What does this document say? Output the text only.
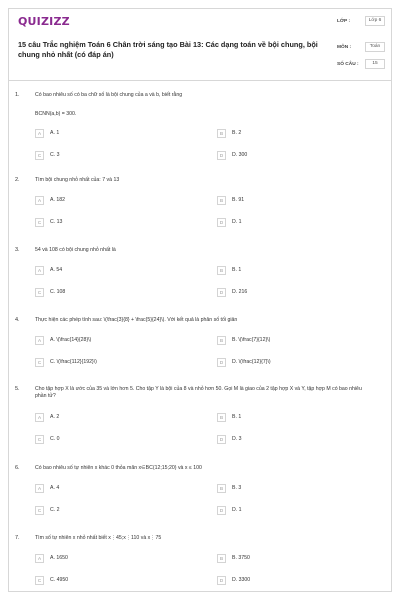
QUIZIZZ
15 câu Trắc nghiệm Toán 6 Chân trời sáng tạo Bài 13: Các dạng toán về bội chung, bội chung nhỏ nhất (có đáp án)
LỚP :	Lớp 6
MÔN :	Toán
SỐ CÂU :	15
1.	Có bao nhiêu số có ba chữ số là bội chung của a và b, biết rằng
BCNN(a,b) = 300.
A	A. 1	B	B. 2
C	C. 3	D	D. 300
2.	Tìm bội chung nhỏ nhất của: 7 và 13
A	A. 182	B	B. 91
C	C. 13	D	D. 1
3.	54 và 108 có bội chung nhỏ nhất là
A	A. 54	B	B. 1
C	C. 108	D	D. 216
4.	Thực hiện các phép tính sau: \(\frac{3}{8} + \frac{5}{24}\). Với kết quả là phân số tối giản
A	A. \(\frac{14}{28}\)	B	B. \(\frac{7}{12}\)
C	C. \(\frac{112}{192}\)	D	D. \(\frac{12}{7}\)
5.	Cho tập hợp X là ước của 35 và lớn hơn 5. Cho tập Y là bội của 8 và nhỏ hơn 50. Gọi M là giao của 2 tập hợp X và Y, tập hợp M có bao nhiêu phần tử?
A	A. 2	B	B. 1
C	C. 0	D	D. 3
6.	Có bao nhiêu số tự nhiên x khác 0 thỏa mãn x∈BC(12;15;20) và x ≤ 100
A	A. 4	B	B. 3
C	C. 2	D	D. 1
7.	Tìm số tự nhiên x nhỏ nhất biết x⋮45;x⋮110 và x⋮75
A	A. 1650	B	B. 3750
C	C. 4950	D	D. 3300
